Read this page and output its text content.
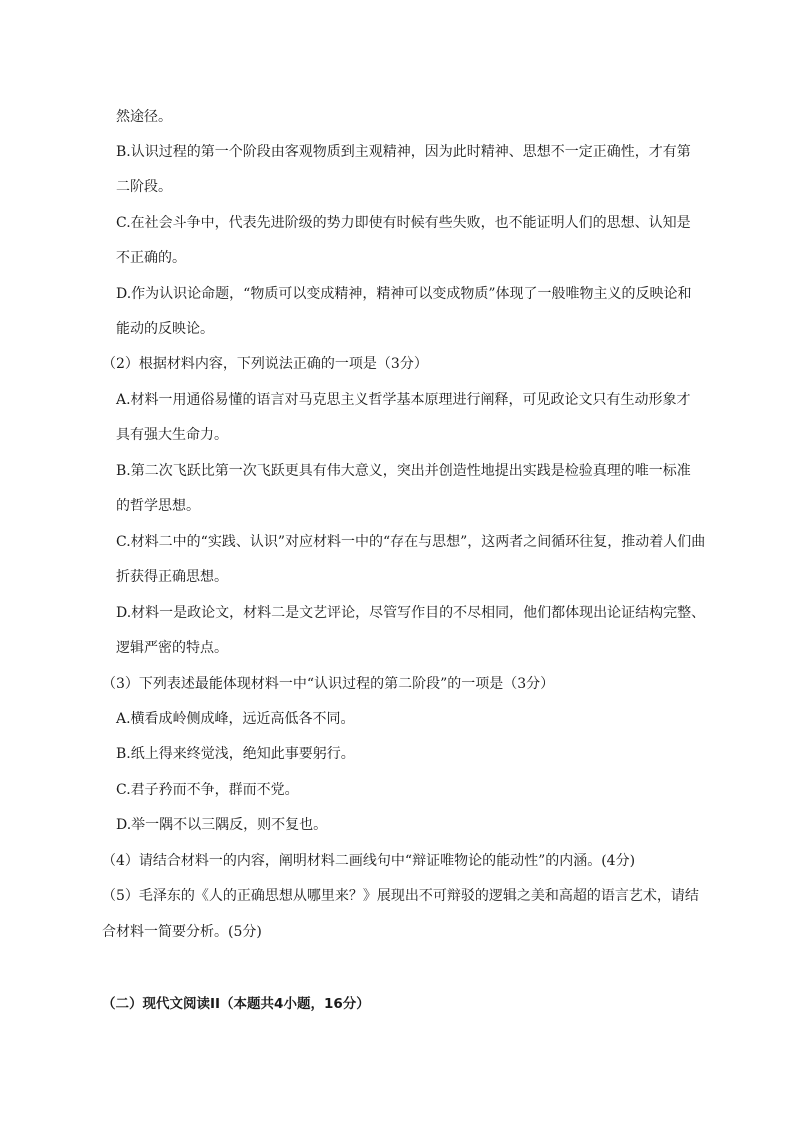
然途径。
B.认识过程的第一个阶段由客观物质到主观精神，因为此时精神、思想不一定正确性，才有第
二阶段。
C.在社会斗争中，代表先进阶级的势力即使有时候有些失败，也不能证明人们的思想、认知是
不正确的。
D.作为认识论命题，“物质可以变成精神，精神可以变成物质”体现了一般唯物主义的反映论和
能动的反映论。
（2）根据材料内容，下列说法正确的一项是（3分）
A.材料一用通俗易懂的语言对马克思主义哲学基本原理进行阐释，可见政论文只有生动形象才
具有强大生命力。
B.第二次飞跃比第一次飞跃更具有伟大意义，突出并创造性地提出实践是检验真理的唯一标准
的哲学思想。
C.材料二中的“实践、认识”对应材料一中的“存在与思想”，这两者之间循环往复，推动着人们曲
折获得正确思想。
D.材料一是政论文，材料二是文艺评论，尽管写作目的不尽相同，他们都体现出论证结构完整、
逻辑严密的特点。
（3）下列表述最能体现材料一中“认识过程的第二阶段”的一项是（3分）
A.横看成岭侧成峰，远近高低各不同。
B.纸上得来终觉浅，绝知此事要躬行。
C.君子矜而不争，群而不党。
D.举一隅不以三隅反，则不复也。
（4）请结合材料一的内容，阐明材料二画线句中“辩证唯物论的能动性”的内涵。(4分)
（5）毛泽东的《人的正确思想从哪里来？》展现出不可辩驳的逻辑之美和高超的语言艺术，请结
合材料一简要分析。(5分)
（二）现代文阅读II（本题共4小题，16分）
